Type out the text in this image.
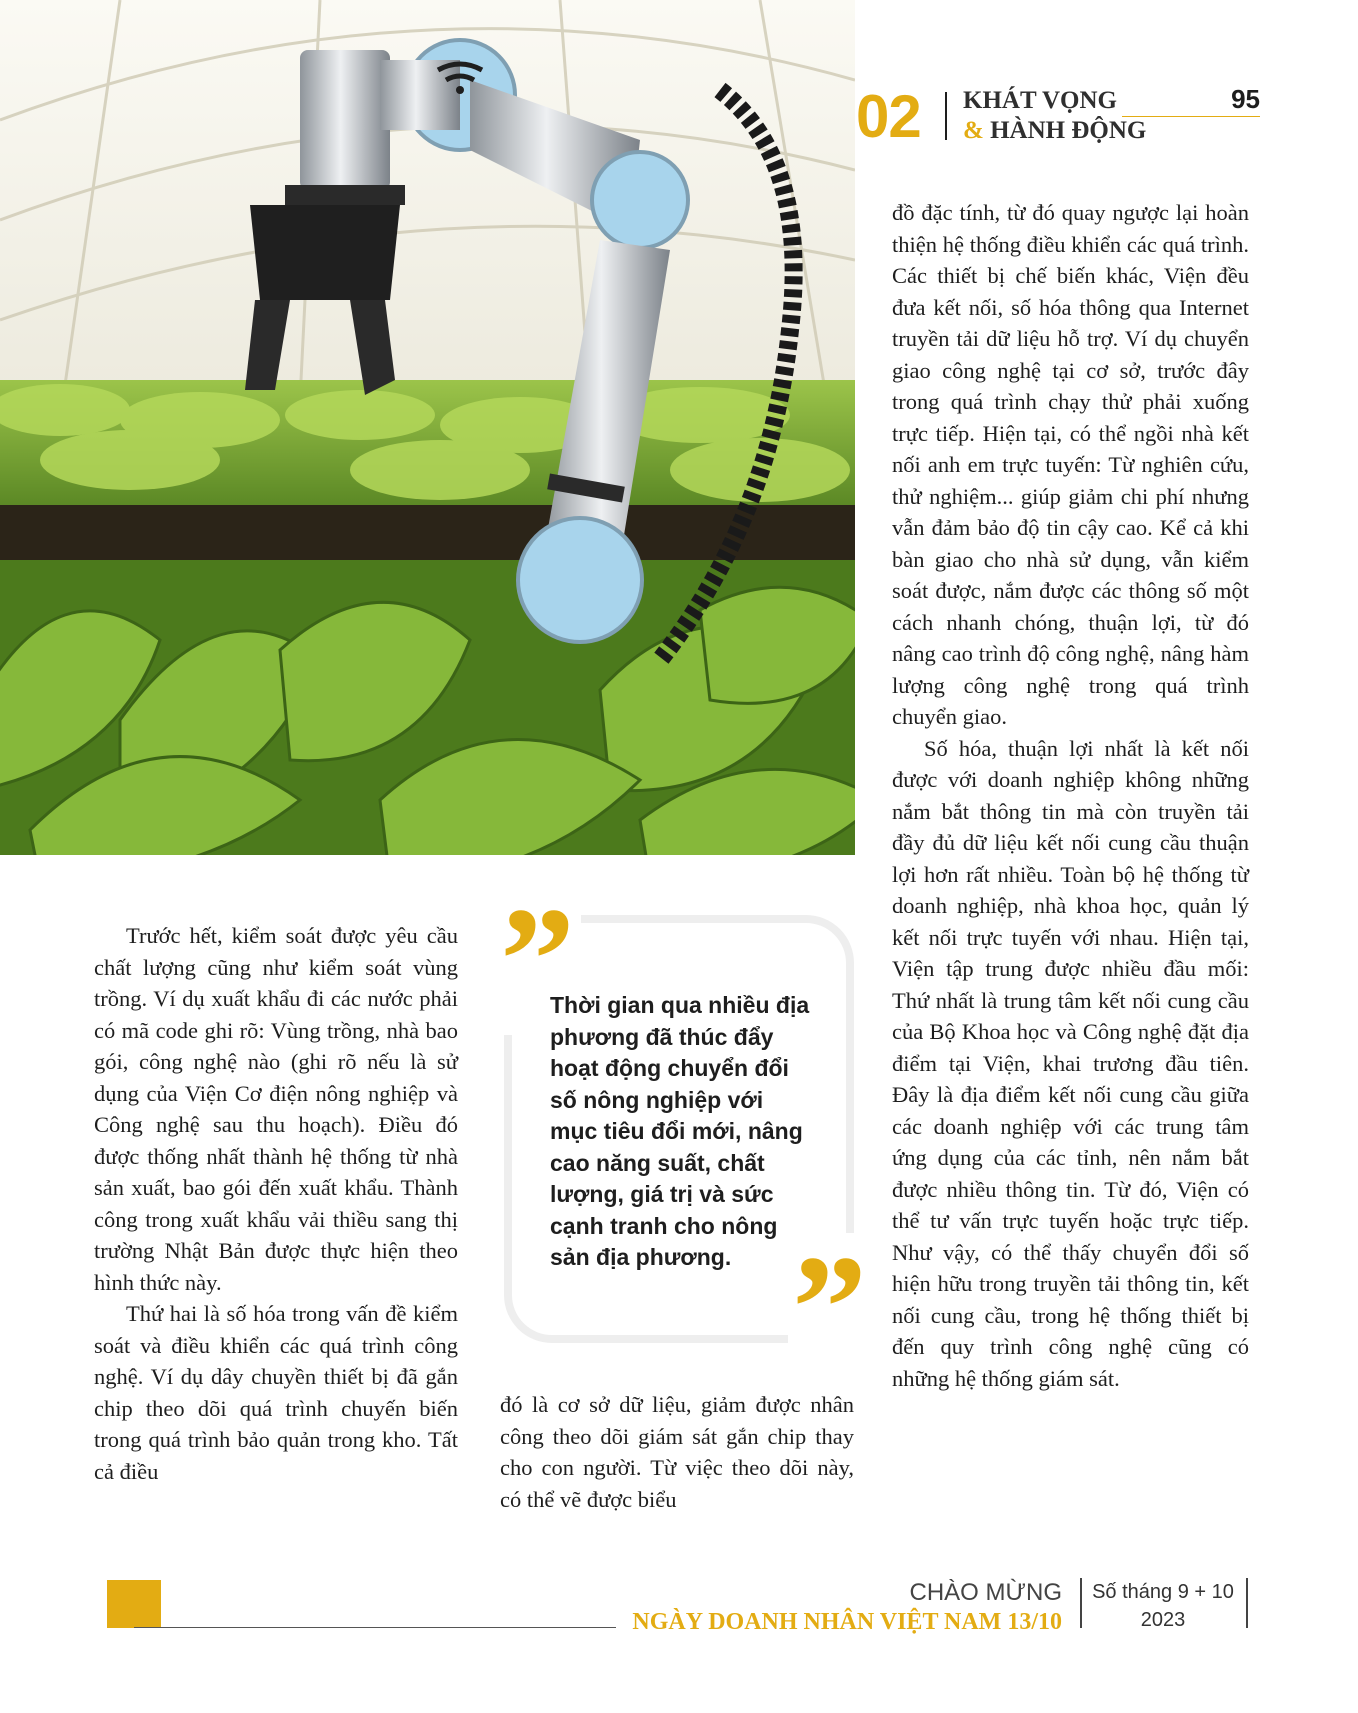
02 KHÁT VỌNG
& HÀNH ĐỘNG
95

Trước hết, kiểm soát được yêu cầu chất lượng cũng như kiểm soát vùng trồng. Ví dụ xuất khẩu đi các nước phải có mã code ghi rõ: Vùng trồng, nhà bao gói, công nghệ nào (ghi rõ nếu là sử dụng của Viện Cơ điện nông nghiệp và Công nghệ sau thu hoạch). Điều đó được thống nhất thành hệ thống từ nhà sản xuất, bao gói đến xuất khẩu. Thành công trong xuất khẩu vải thiều sang thị trường Nhật Bản được thực hiện theo hình thức này.

Thứ hai là số hóa trong vấn đề kiểm soát và điều khiển các quá trình công nghệ. Ví dụ dây chuyền thiết bị đã gắn chip theo dõi quá trình chuyến biến trong quá trình bảo quản trong kho. Tất cả điều

”
Thời gian qua nhiều địa phương đã thúc đẩy hoạt động chuyển đổi số nông nghiệp với mục tiêu đổi mới, nâng cao năng suất, chất lượng, giá trị và sức cạnh tranh cho nông sản địa phương. ”

đó là cơ sở dữ liệu, giảm được nhân công theo dõi giám sát gắn chip thay cho con người. Từ việc theo dõi này, có thể vẽ được biểu

đồ đặc tính, từ đó quay ngược lại hoàn thiện hệ thống điều khiển các quá trình. Các thiết bị chế biến khác, Viện đều đưa kết nối, số hóa thông qua Internet truyền tải dữ liệu hỗ trợ. Ví dụ chuyển giao công nghệ tại cơ sở, trước đây trong quá trình chạy thử phải xuống trực tiếp. Hiện tại, có thể ngồi nhà kết nối anh em trực tuyến: Từ nghiên cứu, thử nghiệm... giúp giảm chi phí nhưng vẫn đảm bảo độ tin cậy cao. Kể cả khi bàn giao cho nhà sử dụng, vẫn kiểm soát được, nắm được các thông số một cách nhanh chóng, thuận lợi, từ đó nâng cao trình độ công nghệ, nâng hàm lượng công nghệ trong quá trình chuyển giao.

Số hóa, thuận lợi nhất là kết nối được với doanh nghiệp không những nắm bắt thông tin mà còn truyền tải đầy đủ dữ liệu kết nối cung cầu thuận lợi hơn rất nhiều. Toàn bộ hệ thống từ doanh nghiệp, nhà khoa học, quản lý kết nối trực tuyến với nhau. Hiện tại, Viện tập trung được nhiều đầu mối: Thứ nhất là trung tâm kết nối cung cầu của Bộ Khoa học và Công nghệ đặt địa điểm tại Viện, khai trương đầu tiên. Đây là địa điểm kết nối cung cầu giữa các doanh nghiệp với các trung tâm ứng dụng của các tỉnh, nên nắm bắt được nhiều thông tin. Từ đó, Viện có thể tư vấn trực tuyến hoặc trực tiếp. Như vậy, có thể thấy chuyển đổi số hiện hữu trong truyền tải thông tin, kết nối cung cầu, trong hệ thống thiết bị đến quy trình công nghệ cũng có những hệ thống giám sát.

CHÀO MỪNG
NGÀY DOANH NHÂN VIỆT NAM 13/10
Số tháng 9 + 10
2023
